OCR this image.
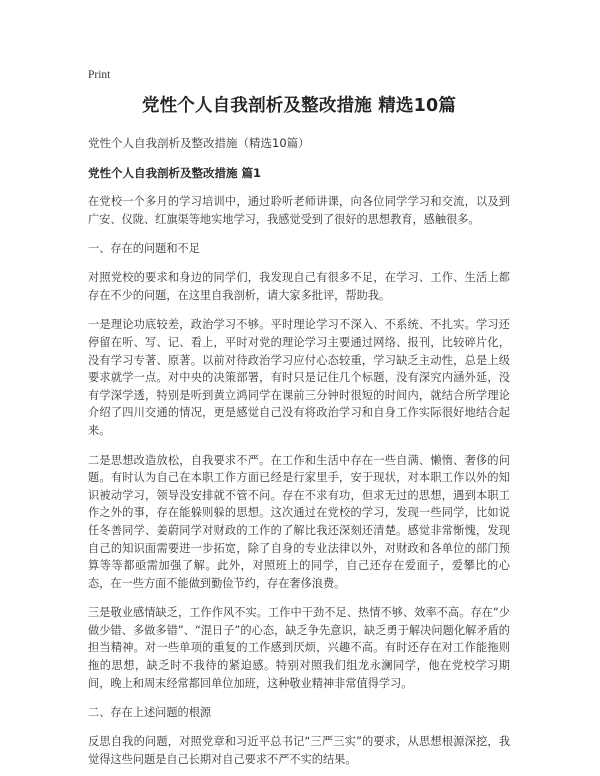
Print
党性个人自我剖析及整改措施 精选10篇
党性个人自我剖析及整改措施（精选10篇）
党性个人自我剖析及整改措施 篇1

在党校一个多月的学习培训中，通过聆听老师讲课，向各位同学学习和交流，以及到广安、仪陇、红旗渠等地实地学习，我感觉受到了很好的思想教育，感触很多。

一、存在的问题和不足

对照党校的要求和身边的同学们，我发现自己有很多不足，在学习、工作、生活上都存在不少的问题，在这里自我剖析，请大家多批评，帮助我。

一是理论功底较差，政治学习不够。平时理论学习不深入、不系统、不扎实。学习还停留在听、写、记、看上，平时对党的理论学习主要通过网络、报刊，比较碎片化，没有学习专著、原著。以前对待政治学习应付心态较重，学习缺乏主动性，总是上级要求就学一点。对中央的决策部署，有时只是记住几个标题，没有深究内涵外延，没有学深学透，特别是听到黄立鸿同学在课前三分钟时很短的时间内，就结合所学理论介绍了四川交通的情况，更是感觉自己没有将政治学习和自身工作实际很好地结合起来。

二是思想改造放松，自我要求不严。在工作和生活中存在一些自满、懒惰、奢侈的问题。有时认为自己在本职工作方面已经是行家里手，安于现状，对本职工作以外的知识被动学习，领导没安排就不管不问。存在不求有功，但求无过的思想，遇到本职工作之外的事，存在能躲则躲的思想。这次通过在党校的学习，发现一些同学，比如说任冬善同学、姜蔚同学对财政的工作的了解比我还深刻还清楚。感觉非常惭愧，发现自己的知识面需要进一步拓宽，除了自身的专业法律以外，对财政和各单位的部门预算等等都亟需加强了解。此外，对照班上的同学，自己还存在爱面子，爱攀比的心态，在一些方面不能做到勤俭节约，存在奢侈浪费。

三是敬业感情缺乏，工作作风不实。工作中干劲不足、热情不够、效率不高。存在“少做少错、多做多错”、“混日子”的心态，缺乏争先意识，缺乏勇于解决问题化解矛盾的担当精神。对一些单项的重复的工作感到厌烦，兴趣不高。有时还存在对工作能拖则拖的思想，缺乏时不我待的紧迫感。特别对照我们组龙永澜同学，他在党校学习期间，晚上和周末经常都回单位加班，这种敬业精神非常值得学习。

二、存在上述问题的根源

反思自我的问题，对照党章和习近平总书记“三严三实”的要求，从思想根源深挖，我觉得这些问题是自己长期对自己要求不严不实的结果。
